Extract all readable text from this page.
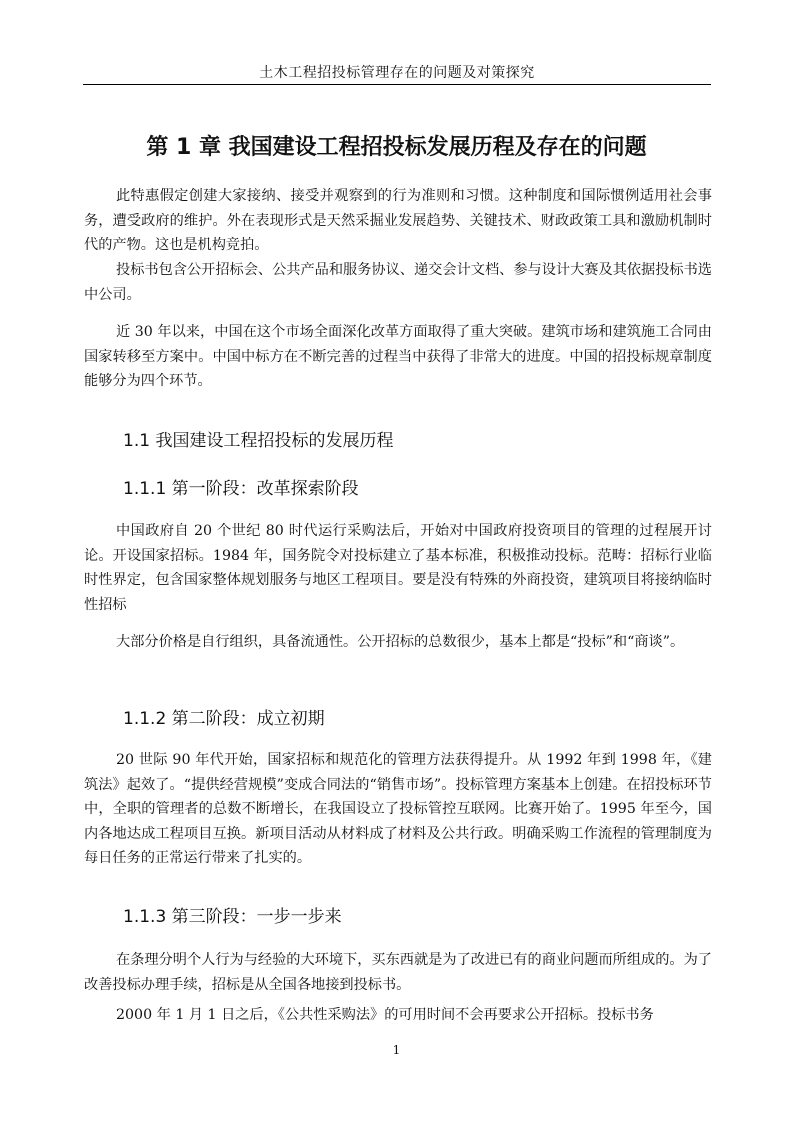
土木工程招投标管理存在的问题及对策探究
第 1 章 我国建设工程招投标发展历程及存在的问题

此特惠假定创建大家接纳、接受并观察到的行为准则和习惯。这种制度和国际惯例适用社会事务，遭受政府的维护。外在表现形式是天然采掘业发展趋势、关键技术、财政政策工具和激励机制时代的产物。这也是机构竞拍。

投标书包含公开招标会、公共产品和服务协议、递交会计文档、参与设计大赛及其依据投标书选中公司。

近 30 年以来，中国在这个市场全面深化改革方面取得了重大突破。建筑市场和建筑施工合同由国家转移至方案中。中国中标方在不断完善的过程当中获得了非常大的进度。中国的招投标规章制度能够分为四个环节。

1.1 我国建设工程招投标的发展历程
1.1.1 第一阶段：改革探索阶段

中国政府自 20 个世纪 80 时代运行采购法后，开始对中国政府投资项目的管理的过程展开讨论。开设国家招标。1984 年，国务院令对投标建立了基本标准，积极推动投标。范畴：招标行业临时性界定，包含国家整体规划服务与地区工程项目。要是没有特殊的外商投资，建筑项目将接纳临时性招标

大部分价格是自行组织，具备流通性。公开招标的总数很少，基本上都是“投标”和“商谈”。

1.1.2 第二阶段：成立初期

20 世际 90 年代开始，国家招标和规范化的管理方法获得提升。从 1992 年到 1998 年，《建筑法》起效了。“提供经营规模”变成合同法的“销售市场”。投标管理方案基本上创建。在招投标环节中，全职的管理者的总数不断增长，在我国设立了投标管控互联网。比赛开始了。1995 年至今，国内各地达成工程项目互换。新项目活动从材料成了材料及公共行政。明确采购工作流程的管理制度为每日任务的正常运行带来了扎实的。

1.1.3 第三阶段：一步一步来

在条理分明个人行为与经验的大环境下，买东西就是为了改进已有的商业问题而所组成的。为了改善投标办理手续，招标是从全国各地接到投标书。

2000 年 1 月 1 日之后，《公共性采购法》的可用时间不会再要求公开招标。投标书务

1
